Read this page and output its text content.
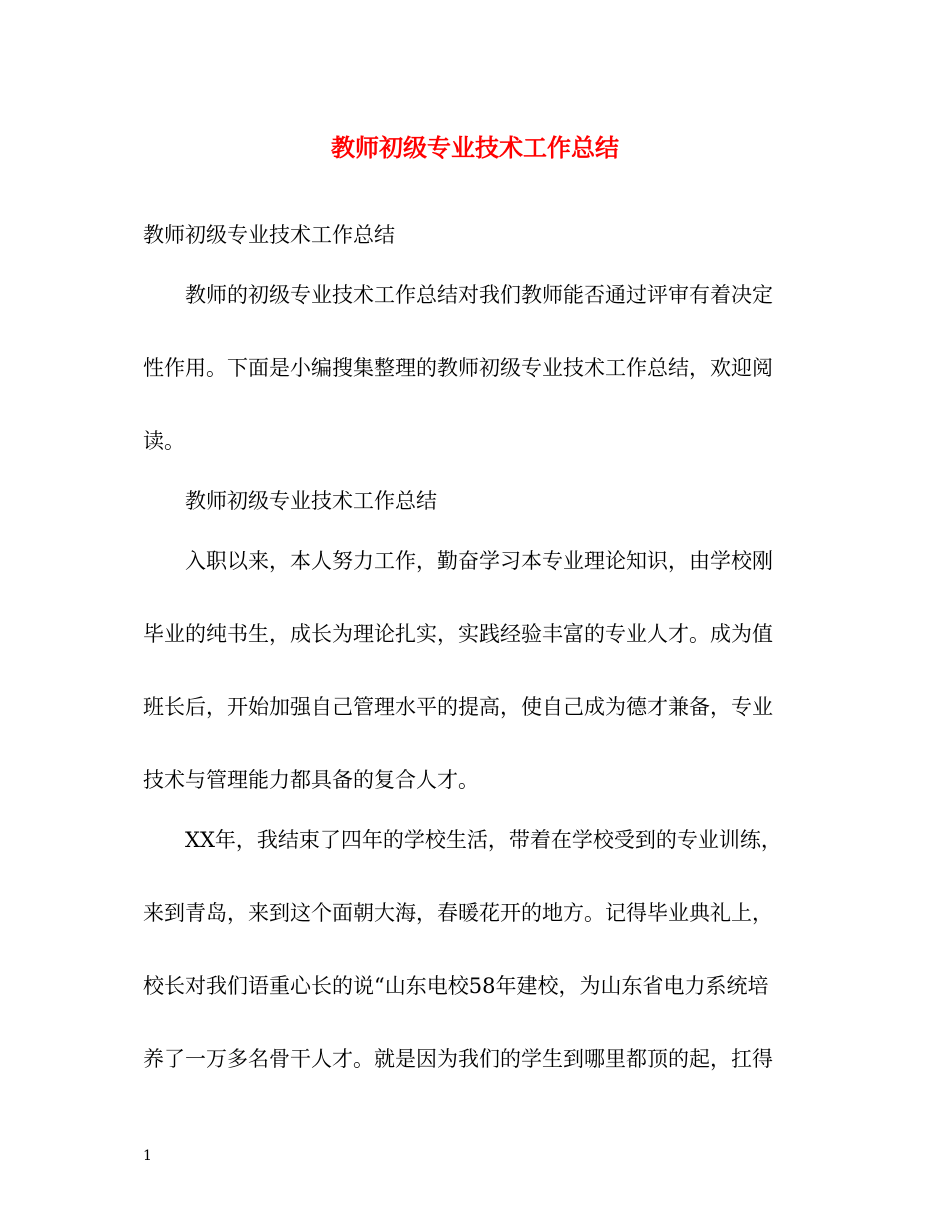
教师初级专业技术工作总结
教师初级专业技术工作总结
教师的初级专业技术工作总结对我们教师能否通过评审有着决定
性作用。下面是小编搜集整理的教师初级专业技术工作总结，欢迎阅
读。
教师初级专业技术工作总结
入职以来，本人努力工作，勤奋学习本专业理论知识，由学校刚
毕业的纯书生，成长为理论扎实，实践经验丰富的专业人才。成为值
班长后，开始加强自己管理水平的提高，使自己成为德才兼备，专业
技术与管理能力都具备的复合人才。
XX年，我结束了四年的学校生活，带着在学校受到的专业训练，
来到青岛，来到这个面朝大海，春暖花开的地方。记得毕业典礼上，
校长对我们语重心长的说“山东电校58年建校，为山东省电力系统培
养了一万多名骨干人才。就是因为我们的学生到哪里都顶的起，扛得
1
